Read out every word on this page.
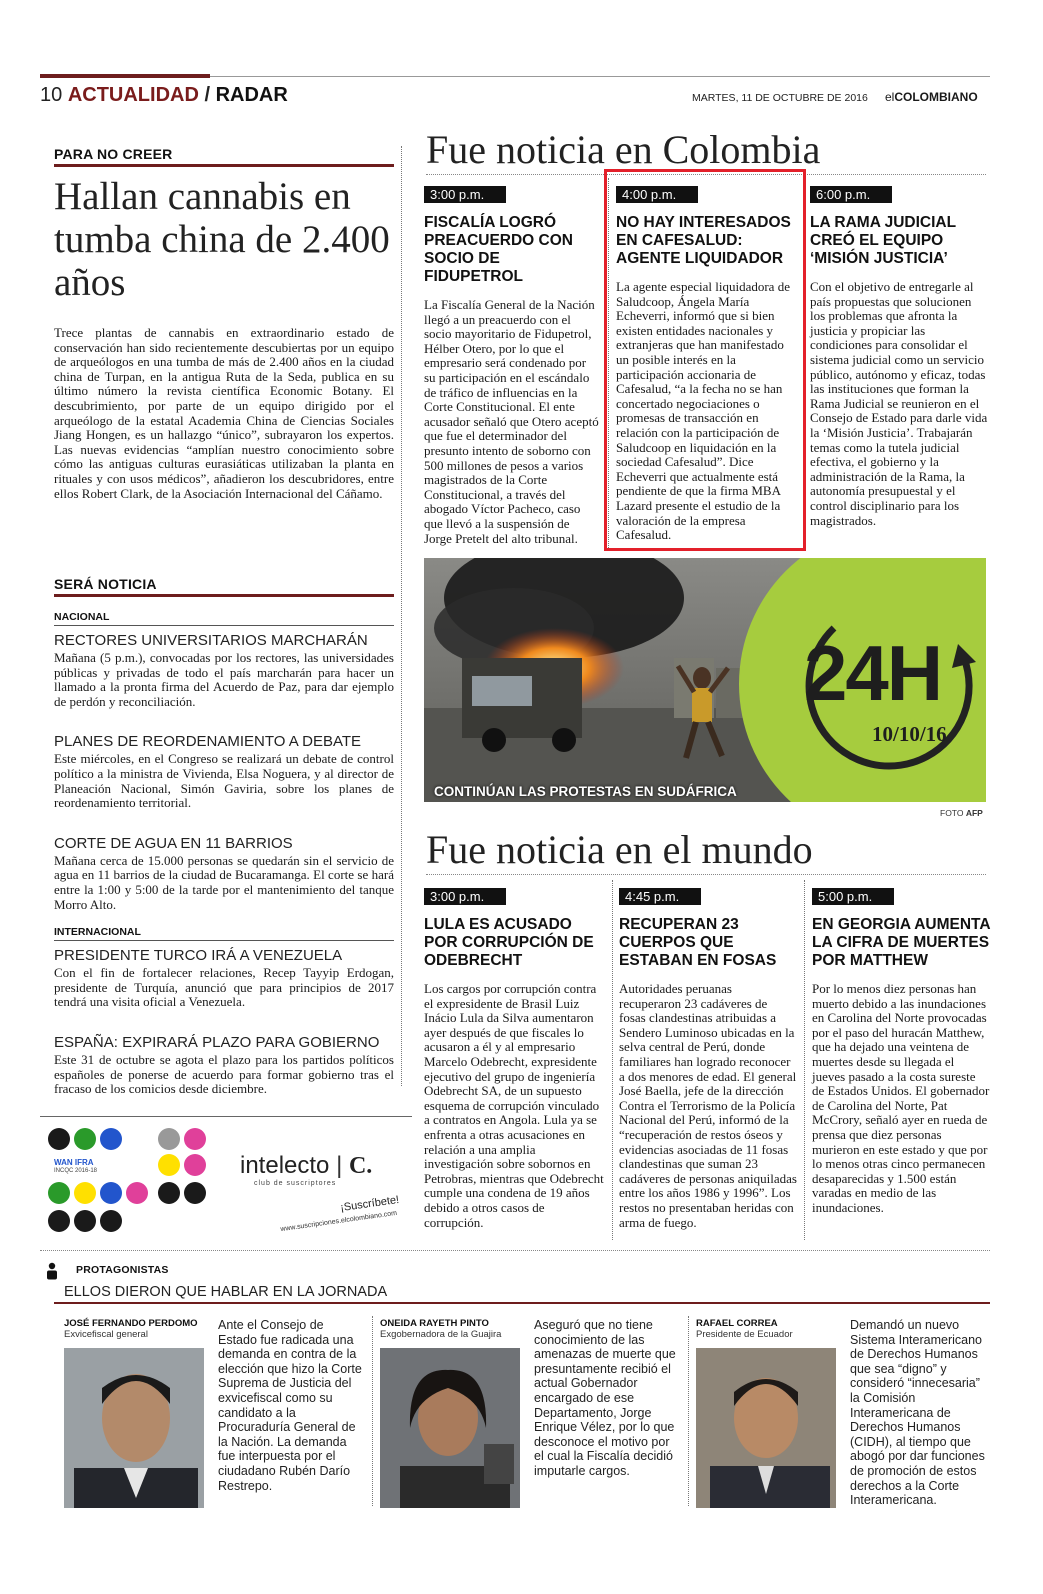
10 ACTUALIDAD / RADAR	MARTES, 11 DE OCTUBRE DE 2016 elCOLOMBIANO
PARA NO CREER
Hallan cannabis en tumba china de 2.400 años
Trece plantas de cannabis en extraordinario estado de conservación han sido recientemente descubiertas por un equipo de arqueólogos en una tumba de más de 2.400 años en la ciudad china de Turpan, en la antigua Ruta de la Seda, publica en su último número la revista científica Economic Botany. El descubrimiento, por parte de un equipo dirigido por el arqueólogo de la estatal Academia China de Ciencias Sociales Jiang Hongen, es un hallazgo “único”, subrayaron los expertos. Las nuevas evidencias “amplían nuestro conocimiento sobre cómo las antiguas culturas eurasiáticas utilizaban la planta en rituales y con usos médicos”, añadieron los descubridores, entre ellos Robert Clark, de la Asociación Internacional del Cáñamo.
Fue noticia en Colombia
3:00 p.m.
FISCALÍA LOGRÓ PREACUERDO CON SOCIO DE FIDUPETROL
La Fiscalía General de la Nación llegó a un preacuerdo con el socio mayoritario de Fidupetrol, Hélber Otero, por lo que el empresario será condenado por su participación en el escándalo de tráfico de influencias en la Corte Constitucional. El ente acusador señaló que Otero aceptó que fue el determinador del presunto intento de soborno con 500 millones de pesos a varios magistrados de la Corte Constitucional, a través del abogado Víctor Pacheco, caso que llevó a la suspensión de Jorge Pretelt del alto tribunal.
4:00 p.m.
NO HAY INTERESADOS EN CAFESALUD: AGENTE LIQUIDADOR
La agente especial liquidadora de Saludcoop, Ángela María Echeverri, informó que si bien existen entidades nacionales y extranjeras que han manifestado un posible interés en la participación accionaria de Cafesalud, “a la fecha no se han concertado negociaciones o promesas de transacción en relación con la participación de Saludcoop en liquidación en la sociedad Cafesalud”. Dice Echeverri que actualmente está pendiente de que la firma MBA Lazard presente el estudio de la valoración de la empresa Cafesalud.
6:00 p.m.
LA RAMA JUDICIAL CREÓ EL EQUIPO ‘MISIÓN JUSTICIA’
Con el objetivo de entregarle al país propuestas que solucionen los problemas que afronta la justicia y propiciar las condiciones para consolidar el sistema judicial como un servicio público, autónomo y eficaz, todas las instituciones que forman la Rama Judicial se reunieron en el Consejo de Estado para darle vida la ‘Misión Justicia’. Trabajarán temas como la tutela judicial efectiva, el gobierno y la administración de la Rama, la autonomía presupuestal y el control disciplinario para los magistrados.
24H
10/10/16
CONTINÚAN LAS PROTESTAS EN SUDÁFRICA
FOTO AFP
SERÁ NOTICIA
NACIONAL
RECTORES UNIVERSITARIOS MARCHARÁN
Mañana (5 p.m.), convocadas por los rectores, las universidades públicas y privadas de todo el país marcharán para hacer un llamado a la pronta firma del Acuerdo de Paz, para dar ejemplo de perdón y reconciliación.
PLANES DE REORDENAMIENTO A DEBATE
Este miércoles, en el Congreso se realizará un debate de control político a la ministra de Vivienda, Elsa Noguera, y al director de Planeación Nacional, Simón Gaviria, sobre los planes de reordenamiento territorial.
CORTE DE AGUA EN 11 BARRIOS
Mañana cerca de 15.000 personas se quedarán sin el servicio de agua en 11 barrios de la ciudad de Bucaramanga. El corte se hará entre la 1:00 y 5:00 de la tarde por el mantenimiento del tanque Morro Alto.
INTERNACIONAL
PRESIDENTE TURCO IRÁ A VENEZUELA
Con el fin de fortalecer relaciones, Recep Tayyip Erdogan, presidente de Turquía, anunció que para principios de 2017 tendrá una visita oficial a Venezuela.
ESPAÑA: EXPIRARÁ PLAZO PARA GOBIERNO
Este 31 de octubre se agota el plazo para los partidos políticos españoles de ponerse de acuerdo para formar gobierno tras el fracaso de los comicios desde diciembre.
Fue noticia en el mundo
3:00 p.m.
LULA ES ACUSADO POR CORRUPCIÓN DE ODEBRECHT
Los cargos por corrupción contra el expresidente de Brasil Luiz Inácio Lula da Silva aumentaron ayer después de que fiscales lo acusaron a él y al empresario Marcelo Odebrecht, expresidente ejecutivo del grupo de ingeniería Odebrecht SA, de un supuesto esquema de corrupción vinculado a contratos en Angola. Lula ya se enfrenta a otras acusaciones en relación a una amplia investigación sobre sobornos en Petrobras, mientras que Odebrecht cumple una condena de 19 años debido a otros casos de corrupción.
4:45 p.m.
RECUPERAN 23 CUERPOS QUE ESTABAN EN FOSAS
Autoridades peruanas recuperaron 23 cadáveres de fosas clandestinas atribuidas a Sendero Luminoso ubicadas en la selva central de Perú, donde familiares han logrado reconocer a dos menores de edad. El general José Baella, jefe de la dirección Contra el Terrorismo de la Policía Nacional del Perú, informó de la “recuperación de restos óseos y evidencias asociadas de 11 fosas clandestinas que suman 23 cadáveres de personas aniquiladas entre los años 1986 y 1996”. Los restos no presentaban heridas con arma de fuego.
5:00 p.m.
EN GEORGIA AUMENTA LA CIFRA DE MUERTES POR MATTHEW
Por lo menos diez personas han muerto debido a las inundaciones en Carolina del Norte provocadas por el paso del huracán Matthew, que ha dejado una veintena de muertes desde su llegada el jueves pasado a la costa sureste de Estados Unidos. El gobernador de Carolina del Norte, Pat McCrory, señaló ayer en rueda de prensa que diez personas murieron en este estado y que por lo menos otras cinco permanecen desaparecidas y 1.500 están varadas en medio de las inundaciones.
WAN IFRA
INCQC 2016-18	intelecto | C.
club de suscriptores
¡Suscríbete!
www.suscripciones.elcolombiano.com
PROTAGONISTAS
ELLOS DIERON QUE HABLAR EN LA JORNADA
JOSÉ FERNANDO PERDOMO
Exvicefiscal general
Ante el Consejo de Estado fue radicada una demanda en contra de la elección que hizo la Corte Suprema de Justicia del exvicefiscal como su candidato a la Procuraduría General de la Nación. La demanda fue interpuesta por el ciudadano Rubén Darío Restrepo.
ONEIDA RAYETH PINTO
Exgobernadora de la Guajira
Aseguró que no tiene conocimiento de las amenazas de muerte que presuntamente recibió el actual Gobernador encargado de ese Departamento, Jorge Enrique Vélez, por lo que desconoce el motivo por el cual la Fiscalía decidió imputarle cargos.
RAFAEL CORREA
Presidente de Ecuador
Demandó un nuevo Sistema Interamericano de Derechos Humanos que sea “digno” y consideró “innecesaria” la Comisión Interamericana de Derechos Humanos (CIDH), al tiempo que abogó por dar funciones de promoción de estos derechos a la Corte Interamericana.
